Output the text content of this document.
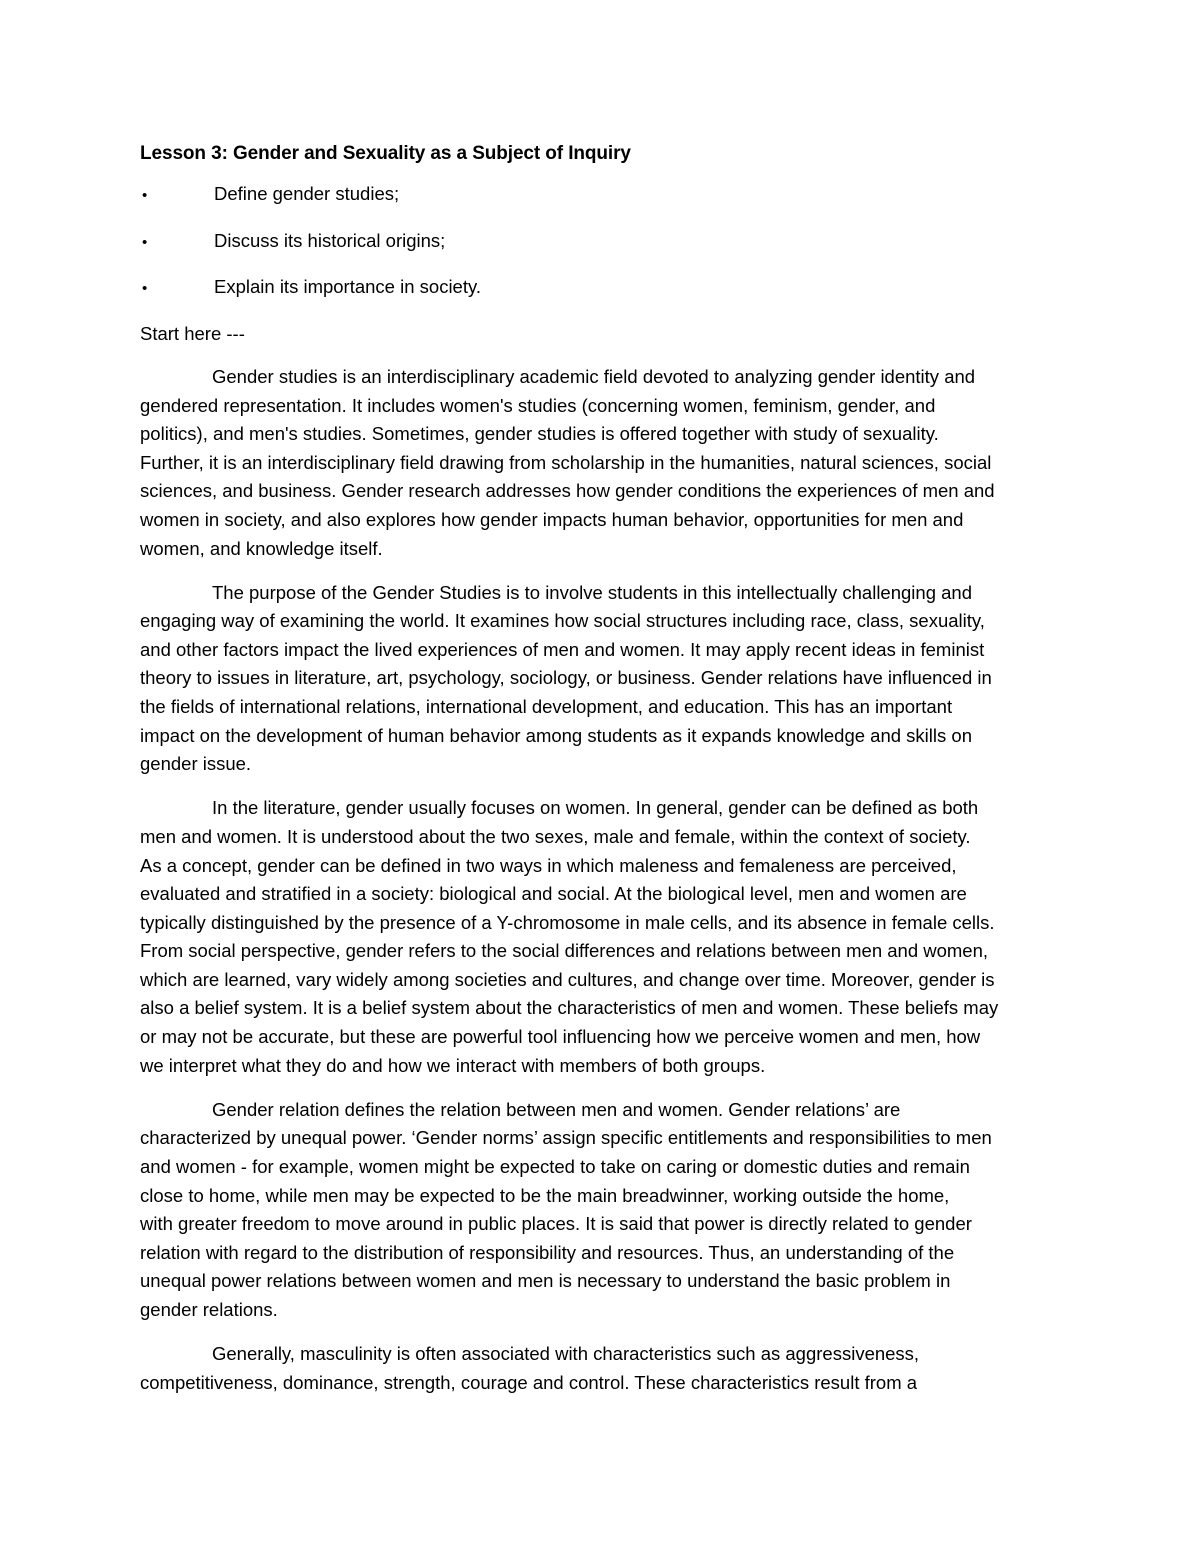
Lesson 3: Gender and Sexuality as a Subject of Inquiry
•	Define gender studies;
•	Discuss its historical origins;
•	Explain its importance in society.
Start here ---

Gender studies is an interdisciplinary academic field devoted to analyzing gender identity and
gendered representation. It includes women's studies (concerning women, feminism, gender, and
politics), and men's studies. Sometimes, gender studies is offered together with study of sexuality.
Further, it is an interdisciplinary field drawing from scholarship in the humanities, natural sciences, social
sciences, and business. Gender research addresses how gender conditions the experiences of men and
women in society, and also explores how gender impacts human behavior, opportunities for men and
women, and knowledge itself.

The purpose of the Gender Studies is to involve students in this intellectually challenging and
engaging way of examining the world. It examines how social structures including race, class, sexuality,
and other factors impact the lived experiences of men and women. It may apply recent ideas in feminist
theory to issues in literature, art, psychology, sociology, or business. Gender relations have influenced in
the fields of international relations, international development, and education. This has an important
impact on the development of human behavior among students as it expands knowledge and skills on
gender issue.

In the literature, gender usually focuses on women. In general, gender can be defined as both
men and women. It is understood about the two sexes, male and female, within the context of society.
As a concept, gender can be defined in two ways in which maleness and femaleness are perceived,
evaluated and stratified in a society: biological and social. At the biological level, men and women are
typically distinguished by the presence of a Y-chromosome in male cells, and its absence in female cells.
From social perspective, gender refers to the social differences and relations between men and women,
which are learned, vary widely among societies and cultures, and change over time. Moreover, gender is
also a belief system. It is a belief system about the characteristics of men and women. These beliefs may
or may not be accurate, but these are powerful tool influencing how we perceive women and men, how
we interpret what they do and how we interact with members of both groups.

Gender relation defines the relation between men and women. Gender relations’ are
characterized by unequal power. ‘Gender norms’ assign specific entitlements and responsibilities to men
and women - for example, women might be expected to take on caring or domestic duties and remain
close to home, while men may be expected to be the main breadwinner, working outside the home,
with greater freedom to move around in public places. It is said that power is directly related to gender
relation with regard to the distribution of responsibility and resources. Thus, an understanding of the
unequal power relations between women and men is necessary to understand the basic problem in
gender relations.

Generally, masculinity is often associated with characteristics such as aggressiveness,
competitiveness, dominance, strength, courage and control. These characteristics result from a
